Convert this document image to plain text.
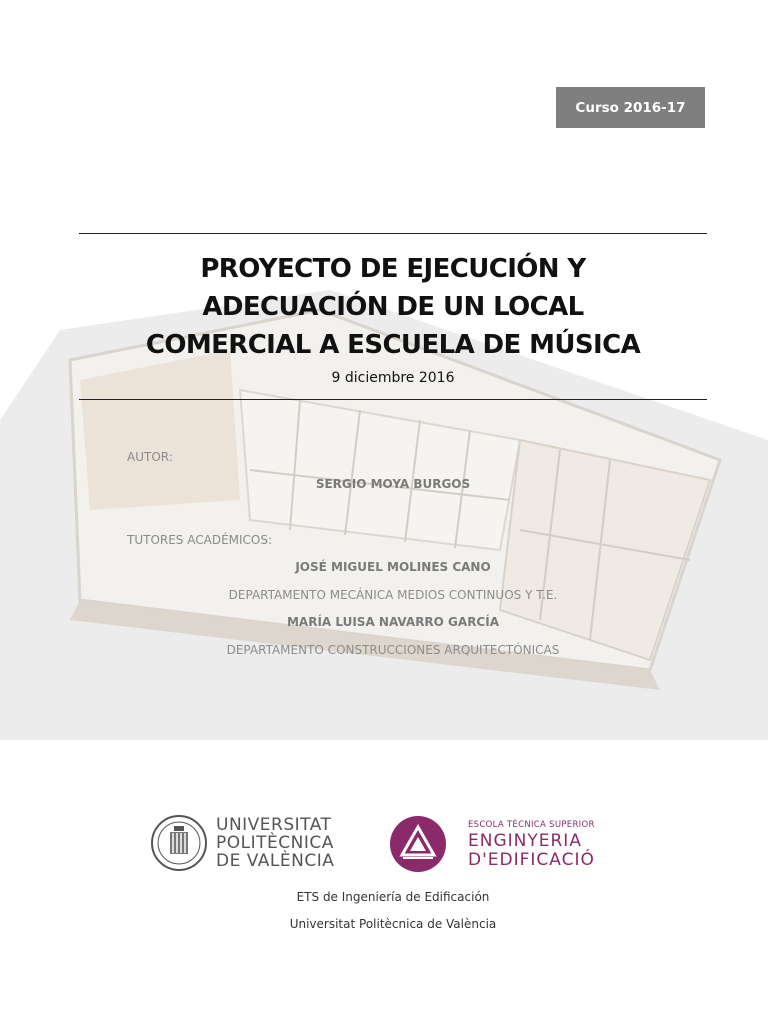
Curso 2016-17
PROYECTO DE EJECUCIÓN Y
ADECUACIÓN DE UN LOCAL
COMERCIAL A ESCUELA DE MÚSICA
9 diciembre 2016
AUTOR:
SERGIO MOYA BURGOS
TUTORES ACADÉMICOS:
JOSÉ MIGUEL MOLINES CANO
DEPARTAMENTO MECÁNICA MEDIOS CONTINUOS Y T.E.
MARÍA LUISA NAVARRO GARCÍA
DEPARTAMENTO CONSTRUCCIONES ARQUITECTÓNICAS
UNIVERSITAT
POLITÈCNICA
DE VALÈNCIA
ESCOLA TÈCNICA SUPERIOR
ENGINYERIA
D'EDIFICACIÓ
ETS de Ingeniería de Edificación
Universitat Politècnica de València
